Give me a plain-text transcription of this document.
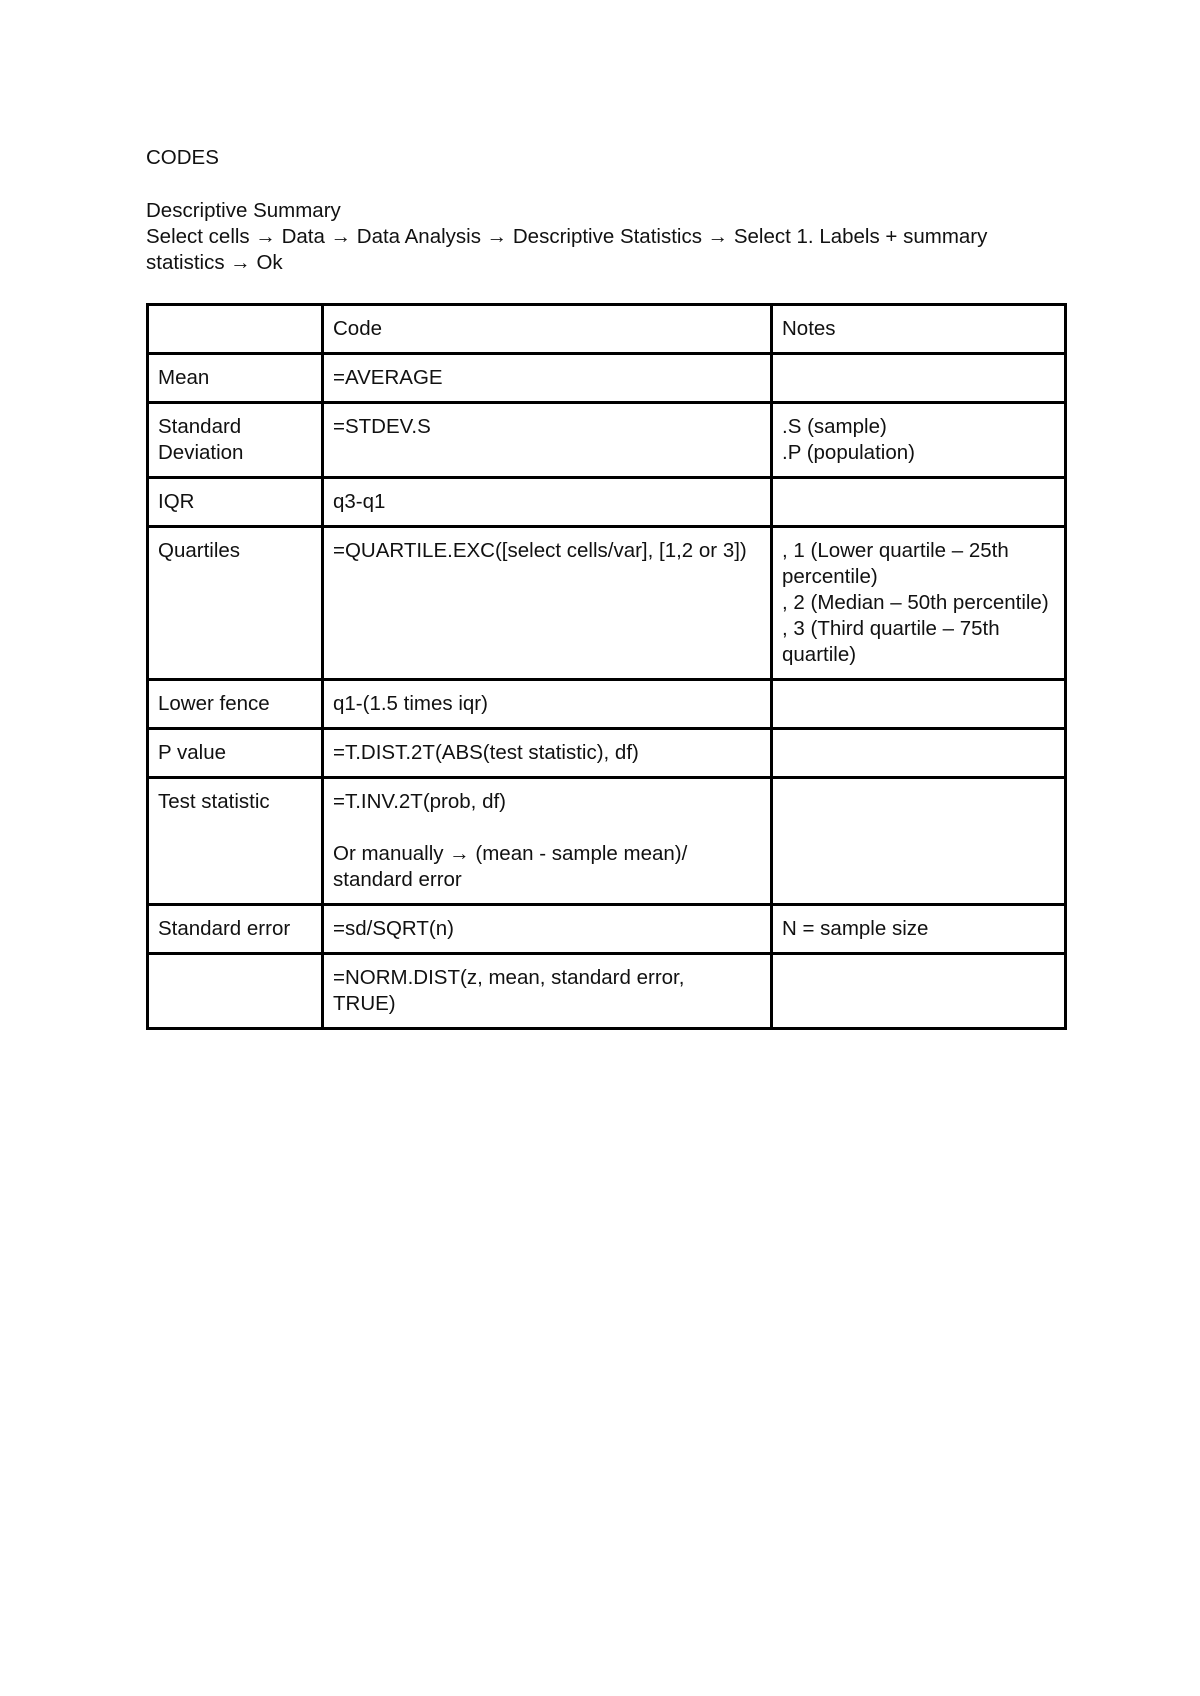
CODES
Descriptive Summary
Select cells → Data → Data Analysis → Descriptive Statistics → Select 1. Labels + summary statistics → Ok
	Code	Notes
Mean	=AVERAGE	

Standard Deviation	=STDEV.S	.S (sample)
.P (population)

IQR	q3-q1	

Quartiles	=QUARTILE.EXC([select cells/var], [1,2 or 3])	, 1 (Lower quartile – 25th percentile)
, 2 (Median – 50th percentile)
, 3 (Third quartile – 75th quartile)

Lower fence	q1-(1.5 times iqr)	

P value	=T.DIST.2T(ABS(test statistic), df)	

Test statistic	=T.INV.2T(prob, df)
Or manually → (mean - sample mean)/ standard error	

Standard error	=sd/SQRT(n)	N = sample size

	=NORM.DIST(z, mean, standard error, TRUE)	
